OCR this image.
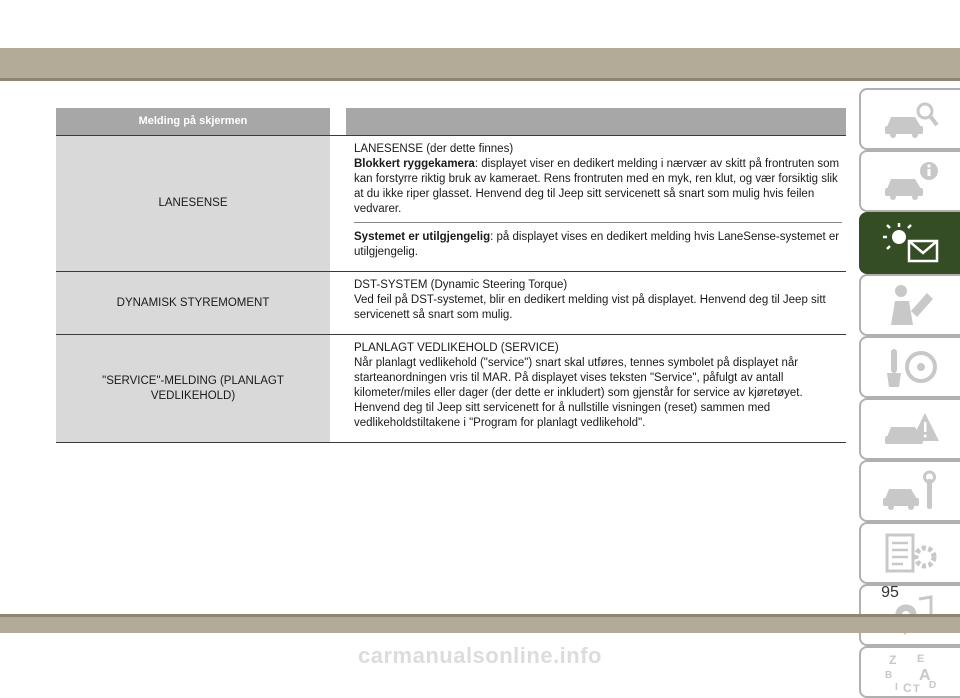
Melding på skjermen
LANESENSE
LANESENSE (der dette finnes)
Blokkert ryggekamera: displayet viser en dedikert melding i nærvær av skitt på frontruten som kan forstyrre riktig bruk av kameraet. Rens frontruten med en myk, ren klut, og vær forsiktig slik at du ikke riper glasset. Henvend deg til Jeep sitt servicenett så snart som mulig hvis feilen vedvarer.
Systemet er utilgjengelig: på displayet vises en dedikert melding hvis LaneSense-systemet er utilgjengelig.
DYNAMISK STYREMOMENT
DST-SYSTEM (Dynamic Steering Torque)
Ved feil på DST-systemet, blir en dedikert melding vist på displayet. Henvend deg til Jeep sitt servicenett så snart som mulig.
"SERVICE"-MELDING (PLANLAGT VEDLIKEHOLD)
PLANLAGT VEDLIKEHOLD (SERVICE)
Når planlagt vedlikehold ("service") snart skal utføres, tennes symbolet på displayet når starteanordningen vris til MAR. På displayet vises teksten "Service", påfulgt av antall kilometer/miles eller dager (der dette er inkludert) som gjenstår for service av kjøretøyet.
Henvend deg til Jeep sitt servicenett for å nullstille visningen (reset) sammen med vedlikeholdstiltakene i "Program for planlagt vedlikehold".
Z E
B A
I C T D
95
carmanualsonline.info
